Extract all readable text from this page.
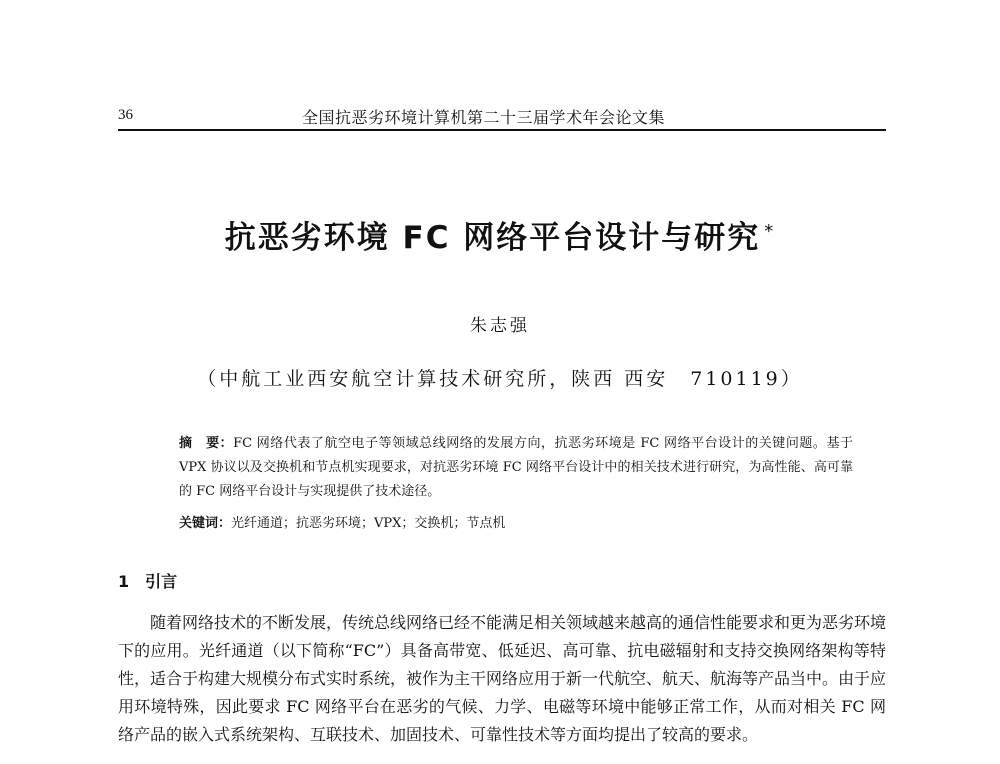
36	全国抗恶劣环境计算机第二十三届学术年会论文集
抗恶劣环境 FC 网络平台设计与研究 *
朱志强
（中航工业西安航空计算技术研究所，陕西 西安　710119）

摘　要：FC 网络代表了航空电子等领域总线网络的发展方向，抗恶劣环境是 FC 网络平台设计的关键问题。基于 VPX 协议以及交换机和节点机实现要求，对抗恶劣环境 FC 网络平台设计中的相关技术进行研究，为高性能、高可靠的 FC 网络平台设计与实现提供了技术途径。

关键词：光纤通道；抗恶劣环境；VPX；交换机；节点机
1 引言

随着网络技术的不断发展，传统总线网络已经不能满足相关领域越来越高的通信性能要求和更为恶劣环境下的应用。光纤通道（以下简称“FC”）具备高带宽、低延迟、高可靠、抗电磁辐射和支持交换网络架构等特性，适合于构建大规模分布式实时系统，被作为主干网络应用于新一代航空、航天、航海等产品当中。由于应用环境特殊，因此要求 FC 网络平台在恶劣的气候、力学、电磁等环境中能够正常工作，从而对相关 FC 网络产品的嵌入式系统架构、互联技术、加固技术、可靠性技术等方面均提出了较高的要求。
